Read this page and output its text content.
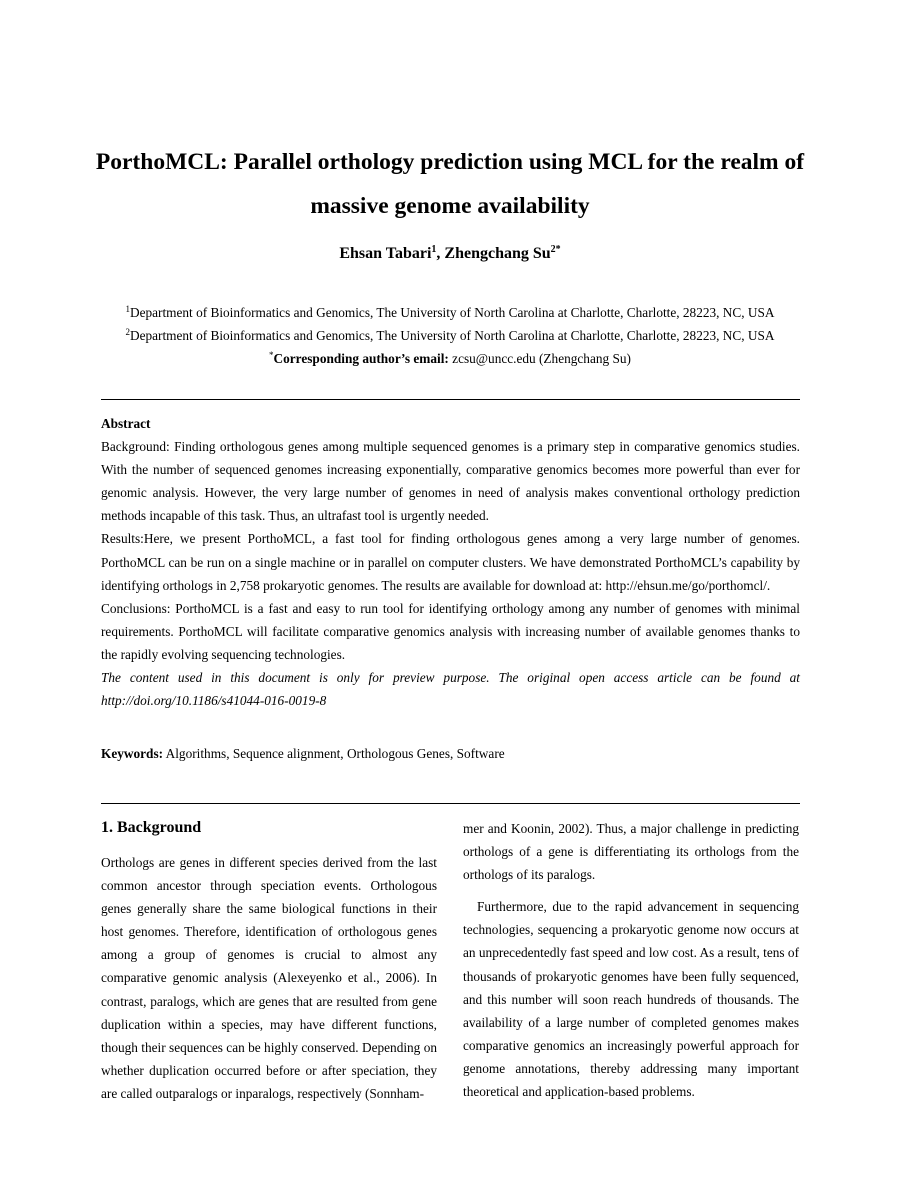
PorthoMCL: Parallel orthology prediction using MCL for the realm of massive genome availability
Ehsan Tabari$^1$, Zhengchang $Su^{2*}$
$^1$Department of Bioinformatics and Genomics, The University of North Carolina at Charlotte, Charlotte, 28223, NC, USA
$^2$Department of Bioinformatics and Genomics, The University of North Carolina at Charlotte, Charlotte, 28223, NC, USA
*Corresponding author’s email: zcsu@uncc.edu (Zhengchang Su)

Abstract

Background: Finding orthologous genes among multiple sequenced genomes is a primary step in comparative genomics studies. With the number of sequenced genomes increasing exponentially, comparative genomics becomes more powerful than ever for genomic analysis. However, the very large number of genomes in need of analysis makes conventional orthology prediction methods incapable of this task. Thus, an ultrafast tool is urgently needed.

Results:Here, we present PorthoMCL, a fast tool for finding orthologous genes among a very large number of genomes. PorthoMCL can be run on a single machine or in parallel on computer clusters. We have demonstrated PorthoMCL’s capability by identifying orthologs in 2,758 prokaryotic genomes. The results are available for download at: http://ehsun.me/go/porthomcl/.

Conclusions: PorthoMCL is a fast and easy to run tool for identifying orthology among any number of genomes with minimal requirements. PorthoMCL will facilitate comparative genomics analysis with increasing number of available genomes thanks to the rapidly evolving sequencing technologies.

The content used in this document is only for preview purpose. The original open access article can be found at http://doi.org/10.1186/s41044-016-0019-8

Keywords: Algorithms, Sequence alignment, Orthologous Genes, Software

1. Background

Orthologs are genes in different species derived from the last common ancestor through speciation events. Orthologous genes generally share the same biological functions in their host genomes. Therefore, identification of orthologous genes among a group of genomes is crucial to almost any comparative genomic analysis (Alexeyenko et al., 2006). In contrast, paralogs, which are genes that are resulted from gene duplication within a species, may have different functions, though their sequences can be highly conserved. Depending on whether duplication occurred before or after speciation, they are called outparalogs or inparalogs, respectively (Sonnham-

mer and Koonin, 2002). Thus, a major challenge in predicting orthologs of a gene is differentiating its orthologs from the orthologs of its paralogs.

Furthermore, due to the rapid advancement in sequencing technologies, sequencing a prokaryotic genome now occurs at an unprecedentedly fast speed and low cost. As a result, tens of thousands of prokaryotic genomes have been fully sequenced, and this number will soon reach hundreds of thousands. The availability of a large number of completed genomes makes comparative genomics an increasingly powerful approach for genome annotations, thereby addressing many important theoretical and application-based problems.
